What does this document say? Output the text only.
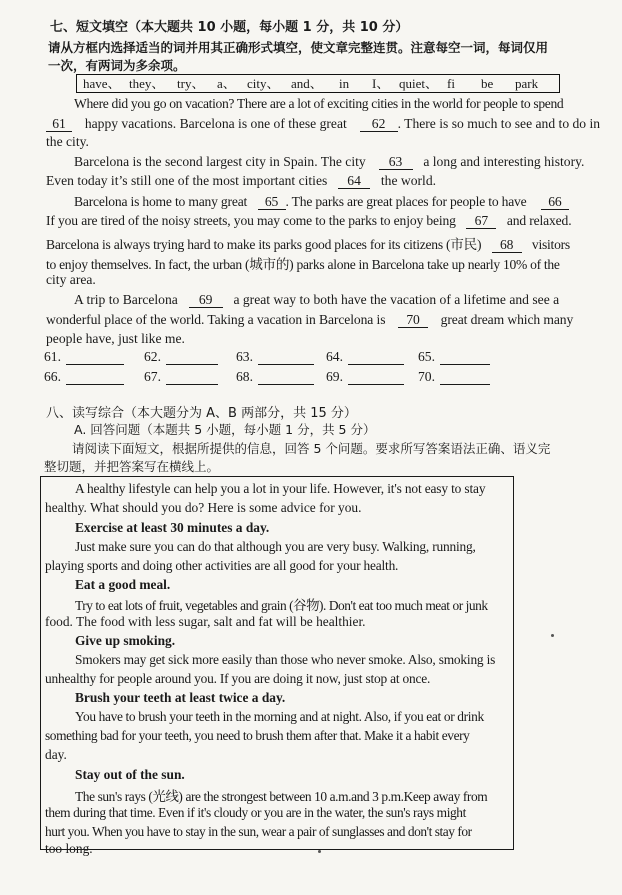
七、短文填空（本大题共 10 小题，每小题 1 分，共 10 分）
请从方框内选择适当的词并用其正确形式填空，使文章完整连贯。注意每空一词，每词仅用
一次，有两词为多余项。
have、 they、 try、 a、 city、 and、 in I、 quiet、 fi be park
Where did you go on vacation? There are a lot of exciting cities in the world for people to spend
61 happy vacations. Barcelona is one of these great 62 . There is so much to see and to do in
the city.
Barcelona is the second largest city in Spain. The city 63 a long and interesting history.
Even today it’s still one of the most important cities 64 the world.
Barcelona is home to many great 65 . The parks are great places for people to have 66
If you are tired of the noisy streets, you may come to the parks to enjoy being 67 and relaxed.
Barcelona is always trying hard to make its parks good places for its citizens (市民) 68 visitors
to enjoy themselves. In fact, the urban (城市的) parks alone in Barcelona take up nearly 10% of the
city area.
A trip to Barcelona 69 a great way to both have the vacation of a lifetime and see a
wonderful place of the world. Taking a vacation in Barcelona is 70 great dream which many
people have, just like me.
61.	62.	63.	64.	65.
66.	67.	68.	69.	70.
八、读写综合（本大题分为 A、B 两部分，共 15 分）
A. 回答问题（本题共 5 小题，每小题 1 分，共 5 分）
请阅读下面短文，根据所提供的信息，回答 5 个问题。要求所写答案语法正确、语义完
整切题，并把答案写在横线上。
A healthy lifestyle can help you a lot in your life. However, it's not easy to stay
healthy. What should you do? Here is some advice for you.
Exercise at least 30 minutes a day.
Just make sure you can do that although you are very busy. Walking, running,
playing sports and doing other activities are all good for your health.
Eat a good meal.
Try to eat lots of fruit, vegetables and grain (谷物). Don't eat too much meat or junk
food. The food with less sugar, salt and fat will be healthier.
Give up smoking.
Smokers may get sick more easily than those who never smoke. Also, smoking is
unhealthy for people around you. If you are doing it now, just stop at once.
Brush your teeth at least twice a day.
You have to brush your teeth in the morning and at night. Also, if you eat or drink
something bad for your teeth, you need to brush them after that. Make it a habit every
day.
Stay out of the sun.
The sun's rays (光线) are the strongest between 10 a.m.and 3 p.m.Keep away from
them during that time. Even if it's cloudy or you are in the water, the sun's rays might
hurt you. When you have to stay in the sun, wear a pair of sunglasses and don't stay for
too long.
